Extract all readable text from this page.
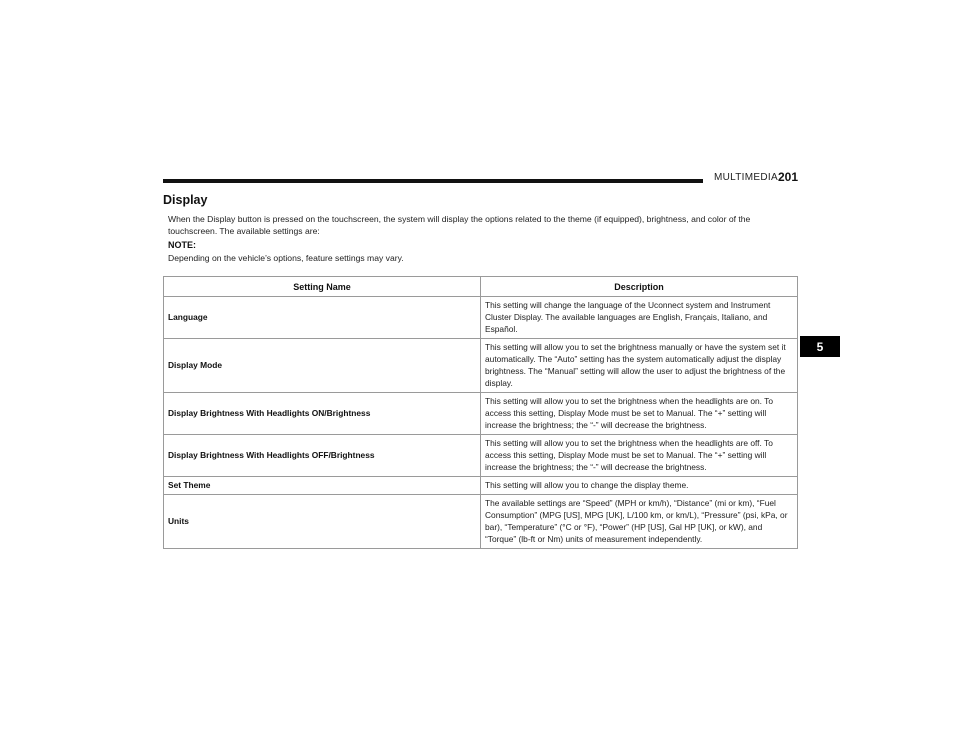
MULTIMEDIA 201
5
Display
When the Display button is pressed on the touchscreen, the system will display the options related to the theme (if equipped), brightness, and color of the touchscreen. The available settings are:
NOTE:
Depending on the vehicle’s options, feature settings may vary.
Setting Name	Description
Language	This setting will change the language of the Uconnect system and Instrument Cluster Display. The available languages are English, Français, Italiano, and Español.
Display Mode	This setting will allow you to set the brightness manually or have the system set it automatically. The “Auto” setting has the system automatically adjust the display brightness. The “Manual” setting will allow the user to adjust the brightness of the display.
Display Brightness With Headlights ON/Brightness	This setting will allow you to set the brightness when the headlights are on. To access this setting, Display Mode must be set to Manual. The “+” setting will increase the brightness; the “-” will decrease the brightness.
Display Brightness With Headlights OFF/Brightness	This setting will allow you to set the brightness when the headlights are off. To access this setting, Display Mode must be set to Manual. The “+” setting will increase the brightness; the “-” will decrease the brightness.
Set Theme	This setting will allow you to change the display theme.
Units	The available settings are “Speed” (MPH or km/h), “Distance” (mi or km), “Fuel Consumption” (MPG [US], MPG [UK], L/100 km, or km/L), “Pressure” (psi, kPa, or bar), “Temperature” (°C or °F), “Power” (HP [US], Gal HP [UK], or kW), and “Torque” (lb-ft or Nm) units of measurement independently.
